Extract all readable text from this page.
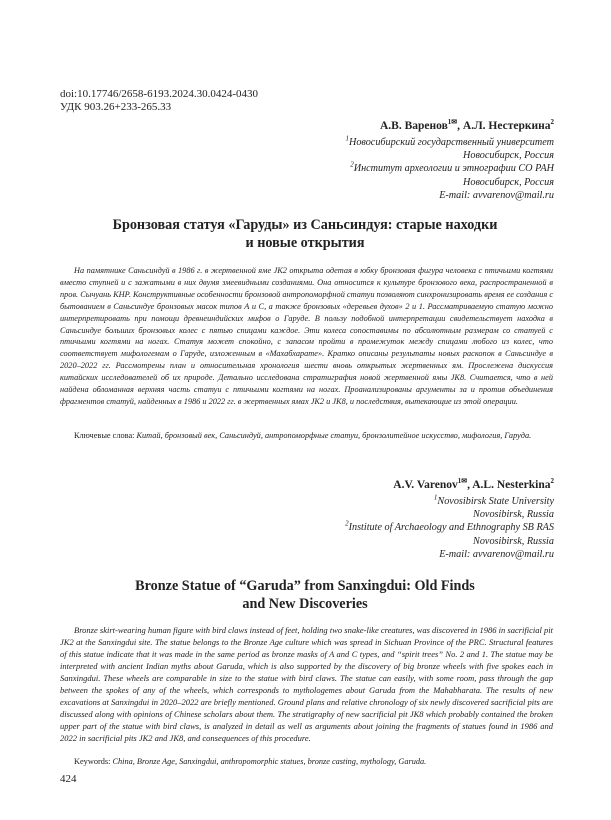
doi:10.17746/2658-6193.2024.30.0424-0430
УДК 903.26+233-265.33
А.В. Варенов$^{1✉}$, А.Л. Нестеркина$^2$
$^1$Новосибирский государственный университет
Новосибирск, Россия
$^2$Институт археологии и этнографии СО РАН
Новосибирск, Россия
E-mail: avvarenov@mail.ru
Бронзовая статуя «Гаруды» из Саньсиндуя: старые находки
и новые открытия

На памятнике Саньсиндуй в 1986 г. в жертвенной яме JK2 открыта одетая в юбку бронзовая фигура человека с птичьими когтями вместо ступней и с зажатыми в них двумя змеевидными созданиями. Она относится к культуре бронзового века, распространенной в пров. Сычуань КНР. Конструктивные особенности бронзовой антропоморфной статуи позволяют синхронизировать время ее создания с бытованием в Саньсиндуе бронзовых масок типов А и С, а также бронзовых «деревьев духов» 2 и 1. Рассматриваемую статую можно интерпретировать при помощи древнеиндийских мифов о Гаруде. В пользу подобной интерпретации свидетельствует находка в Саньсиндуе больших бронзовых колес с пятью спицами каждое. Эти колеса сопоставимы по абсолютным размерам со статуей с птичьими когтями на ногах. Статуя может спокойно, с запасом пройти в промежуток между спицами любого из колес, что соответствует мифологемам о Гаруде, изложенным в «Махабхарате». Кратко описаны результаты новых раскопок в Саньсиндуе в 2020–2022 гг. Рассмотрены план и относительная хронология шести вновь открытых жертвенных ям. Прослежена дискуссия китайских исследователей об их природе. Детально исследована стратиграфия новой жертвенной ямы JK8. Считается, что в ней найдена обломанная верхняя часть статуи с птичьими когтями на ногах. Проанализированы аргументы за и против объединения фрагментов статуй, найденных в 1986 и 2022 гг. в жертвенных ямах JK2 и JK8, и последствия, вытекающие из этой операции.

Ключевые слова: Китай, бронзовый век, Саньсиндуй, антропоморфные статуи, бронзолитейное искусство, мифология, Гаруда.

A.V. Varenov$^{1✉}$, A.L. Nesterkina$^2$
$^1$Novosibirsk State University
Novosibirsk, Russia
$^2$Institute of Archaeology and Ethnography SB RAS
Novosibirsk, Russia
E-mail: avvarenov@mail.ru
Bronze Statue of “Garuda” from Sanxingdui: Old Finds
and New Discoveries

Bronze skirt-wearing human figure with bird claws instead of feet, holding two snake-like creatures, was discovered in 1986 in sacrificial pit JK2 at the Sanxingdui site. The statue belongs to the Bronze Age culture which was spread in Sichuan Province of the PRC. Structural features of this statue indicate that it was made in the same period as bronze masks of A and C types, and “spirit trees” No. 2 and 1. The statue may be interpreted with ancient Indian myths about Garuda, which is also supported by the discovery of big bronze wheels with five spokes each in Sanxingdui. These wheels are comparable in size to the statue with bird claws. The statue can easily, with some room, pass through the gap between the spokes of any of the wheels, which corresponds to mythologemes about Garuda from the Mahabharata. The results of new excavations at Sanxingdui in 2020–2022 are briefly mentioned. Ground plans and relative chronology of six newly discovered sacrificial pits are discussed along with opinions of Chinese scholars about them. The stratigraphy of new sacrificial pit JK8 which probably contained the broken upper part of the statue with bird claws, is analyzed in detail as well as arguments about joining the fragments of statues found in 1986 and 2022 in sacrificial pits JK2 and JK8, and consequences of this procedure.

Keywords: China, Bronze Age, Sanxingdui, anthropomorphic statues, bronze casting, mythology, Garuda.

424
